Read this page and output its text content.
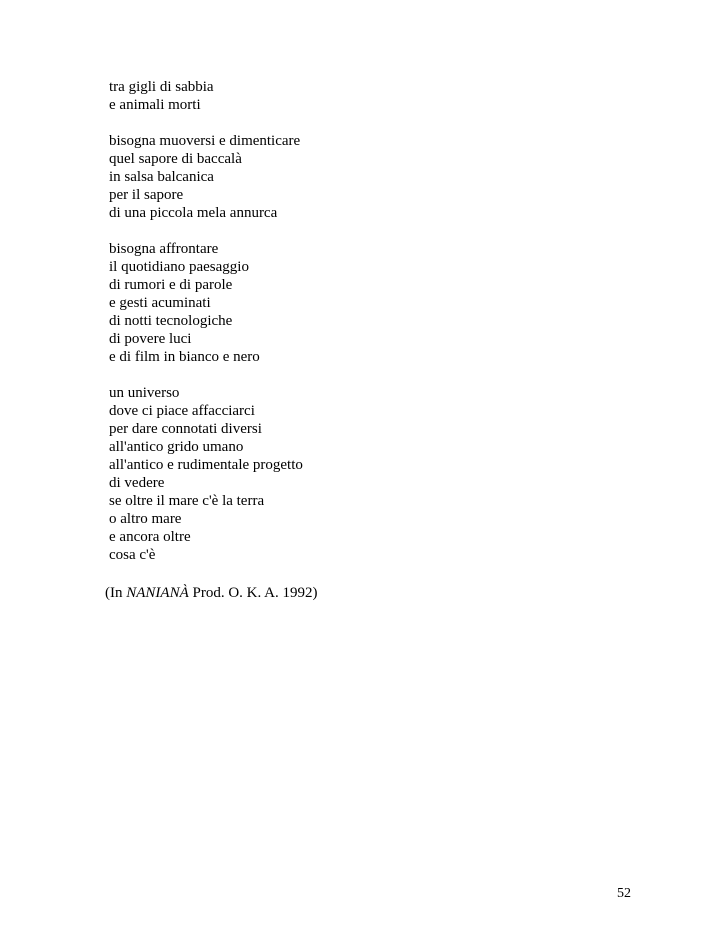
tra gigli di sabbia
e animali morti
bisogna muoversi e dimenticare
quel sapore di baccalà
in salsa balcanica
per il sapore
di una piccola mela annurca
bisogna affrontare
il quotidiano paesaggio
di rumori e di parole
e gesti acuminati
di notti tecnologiche
di povere luci
e di film in bianco e nero
un universo
dove ci piace affacciarci
per dare connotati diversi
all'antico grido umano
all'antico e rudimentale progetto
di vedere
se oltre il mare c'è la terra
o altro mare
e ancora oltre
cosa c'è
(In NANIANÀ Prod. O. K. A. 1992)
52
